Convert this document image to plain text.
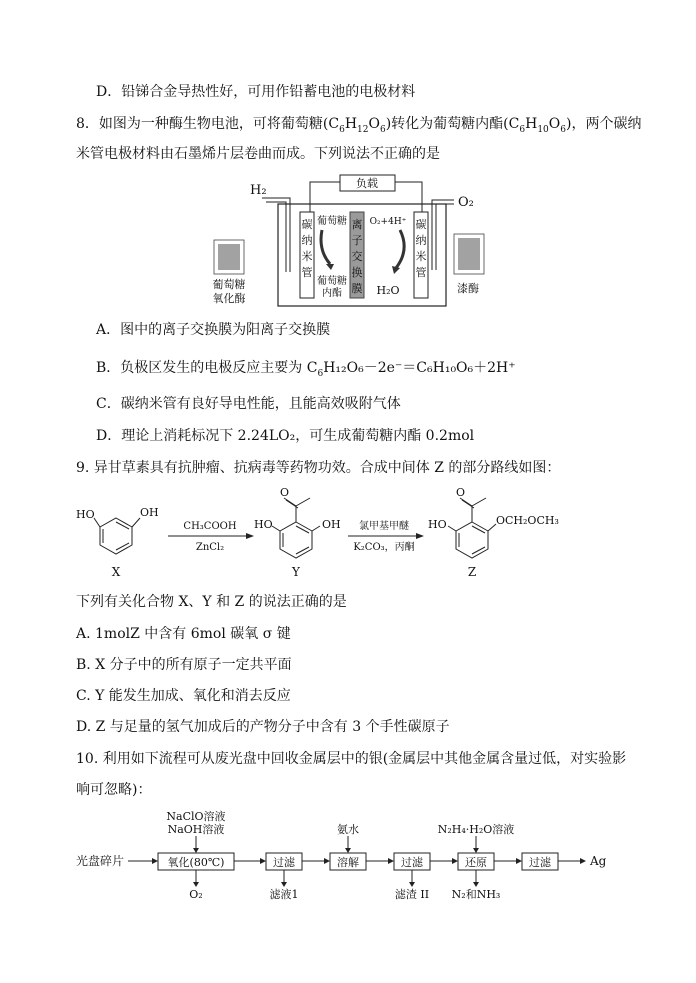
D．铅锑合金导热性好，可用作铅蓄电池的电极材料
8．如图为一种酶生物电池，可将葡萄糖$(C_6H_{12}O_6)$转化为葡萄糖内酯$(C_6H_{10}O_6)$，两个碳纳
米管电极材料由石墨烯片层卷曲而成。下列说法不正确的是
H₂	负载
O₂
碳
纳
米
管
碳
纳
米
管
离
子
交
换
膜
葡萄糖
葡萄糖
内酯
O₂+4H⁺
H₂O
葡萄糖
氧化酶
漆酶
A．图中的离子交换膜为阳离子交换膜
B．负极区发生的电极反应主要为 $C_6H_{12}O_6-2e^-=C_6H_{10}O_6+2H^+$
C．碳纳米管有良好导电性能，且能高效吸附气体
D．理论上消耗标况下 2.24LO₂，可生成葡萄糖内酯 0.2mol
9. 异甘草素具有抗肿瘤、抗病毒等药物功效。合成中间体 Z 的部分路线如图：
HO	OH
X
CH₃COOH
ZnCl₂
O
HO	OH
Y
氯甲基甲醚
K₂CO₃，丙酮
O
HO	OCH₂OCH₃
Z
下列有关化合物 X、Y 和 Z 的说法正确的是
A. 1molZ 中含有 6mol 碳氧 σ 键
B. X 分子中的所有原子一定共平面
C. Y 能发生加成、氧化和消去反应
D. Z 与足量的氢气加成后的产物分子中含有 3 个手性碳原子
10. 利用如下流程可从废光盘中回收金属层中的银(金属层中其他金属含量过低，对实验影
响可忽略)：
光盘碎片
NaClO溶液
NaOH溶液
氧化(80℃)
O₂
过滤
滤液1
氨水
溶解	过滤
滤渣 II
N₂H₄·H₂O溶液
还原
N₂和NH₃
过滤	Ag
